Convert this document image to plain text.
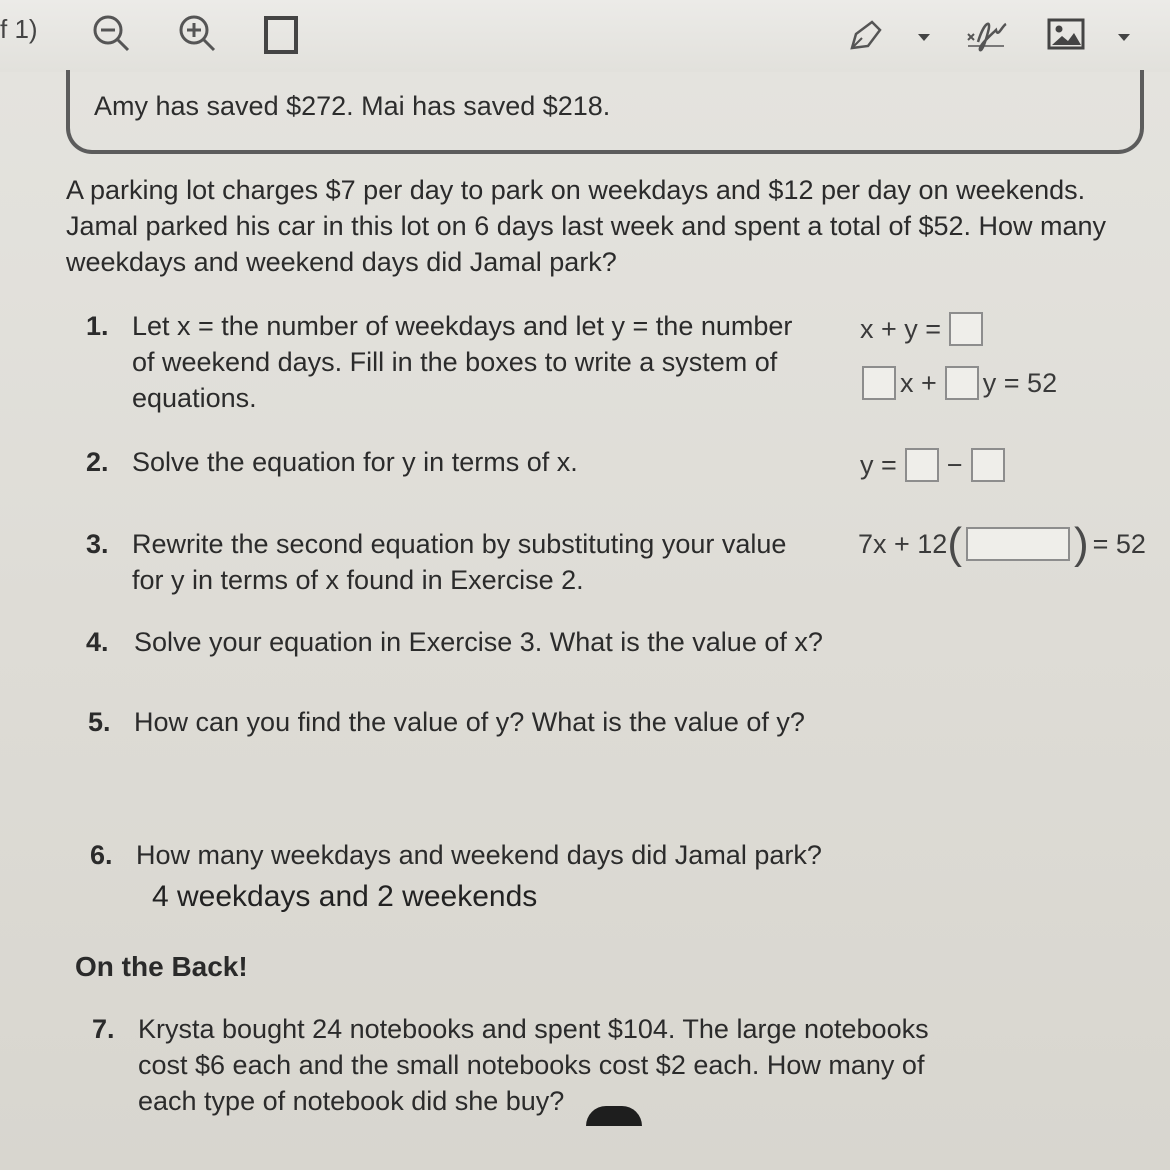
f 1)
Amy has saved $272. Mai has saved $218.
A parking lot charges $7 per day to park on weekdays and $12 per day on weekends.
Jamal parked his car in this lot on 6 days last week and spent a total of $52. How many
weekdays and weekend days did Jamal park?
1. Let x = the number of weekdays and let y = the number
of weekend days. Fill in the boxes to write a system of
equations.
x + y =
x + y = 52
2. Solve the equation for y in terms of x.	y = −
3. Rewrite the second equation by substituting your value
for y in terms of x found in Exercise 2.
7x + 12 (	) = 52
4. Solve your equation in Exercise 3. What is the value of x?
5. How can you find the value of y? What is the value of y?
6. How many weekdays and weekend days did Jamal park?
4 weekdays and 2 weekends
On the Back!
7. Krysta bought 24 notebooks and spent $104. The large notebooks
cost $6 each and the small notebooks cost $2 each. How many of
each type of notebook did she buy?
